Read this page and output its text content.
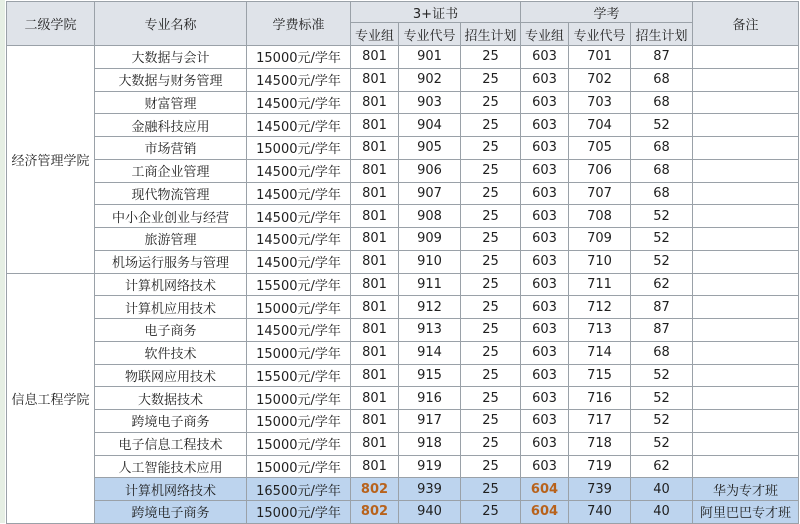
二级学院	专业名称	学费标准	3+证书			学考			备注
			专业组	专业代号	招生计划	专业组	专业代号	招生计划	
经济管理学院	大数据与会计	15000元/学年	801	901	25	603	701	87	
	大数据与财务管理	14500元/学年	801	902	25	603	702	68	
	财富管理	14500元/学年	801	903	25	603	703	68	
	金融科技应用	14500元/学年	801	904	25	603	704	52	
	市场营销	15000元/学年	801	905	25	603	705	68	
	工商企业管理	14500元/学年	801	906	25	603	706	68	
	现代物流管理	14500元/学年	801	907	25	603	707	68	
	中小企业创业与经营	14500元/学年	801	908	25	603	708	52	
	旅游管理	14500元/学年	801	909	25	603	709	52	
	机场运行服务与管理	14500元/学年	801	910	25	603	710	52	
信息工程学院	计算机网络技术	15500元/学年	801	911	25	603	711	62	
	计算机应用技术	15000元/学年	801	912	25	603	712	87	
	电子商务	14500元/学年	801	913	25	603	713	87	
	软件技术	15000元/学年	801	914	25	603	714	68	
	物联网应用技术	15500元/学年	801	915	25	603	715	52	
	大数据技术	15000元/学年	801	916	25	603	716	52	
	跨境电子商务	15000元/学年	801	917	25	603	717	52	
	电子信息工程技术	15000元/学年	801	918	25	603	718	52	
	人工智能技术应用	15000元/学年	801	919	25	603	719	62	
	计算机网络技术	16500元/学年	802	939	25	604	739	40	华为专才班
	跨境电子商务	15000元/学年	802	940	25	604	740	40	阿里巴巴专才班
